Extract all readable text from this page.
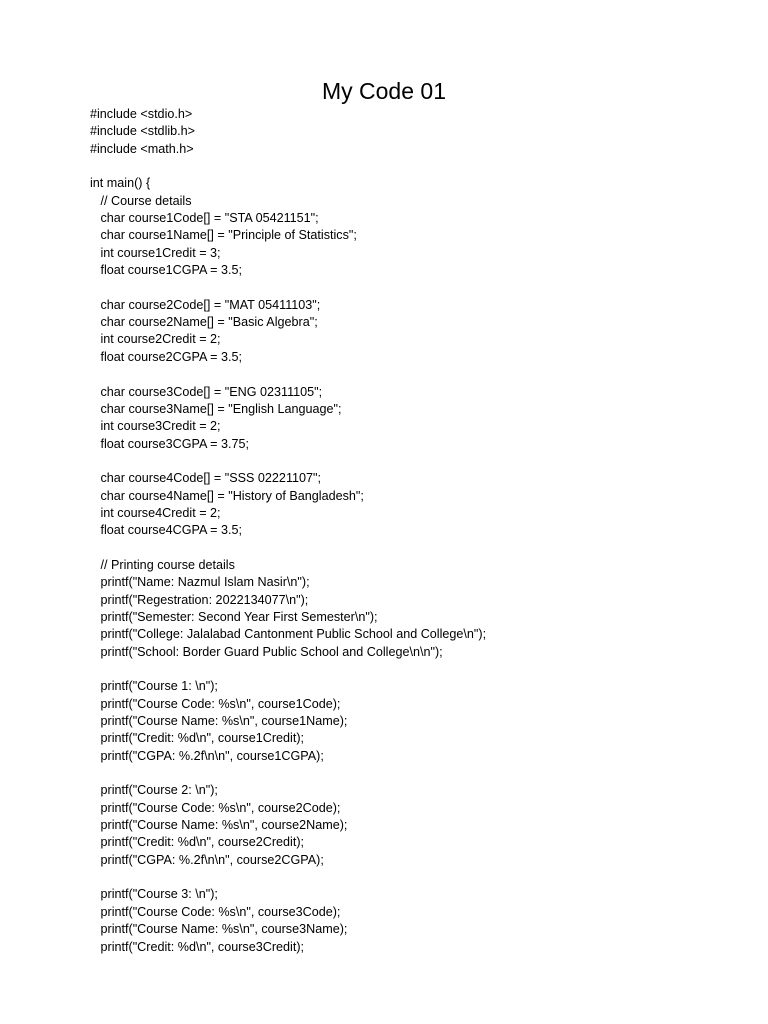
My Code 01
#include <stdio.h>
#include <stdlib.h>
#include <math.h>
int main() {
// Course details
char course1Code[] = "STA 05421151";
char course1Name[] = "Principle of Statistics";
int course1Credit = 3;
float course1CGPA = 3.5;
char course2Code[] = "MAT 05411103";
char course2Name[] = "Basic Algebra";
int course2Credit = 2;
float course2CGPA = 3.5;
char course3Code[] = "ENG 02311105";
char course3Name[] = "English Language";
int course3Credit = 2;
float course3CGPA = 3.75;
char course4Code[] = "SSS 02221107";
char course4Name[] = "History of Bangladesh";
int course4Credit = 2;
float course4CGPA = 3.5;
// Printing course details
printf("Name: Nazmul Islam Nasir\n");
printf("Regestration: 2022134077\n");
printf("Semester: Second Year First Semester\n");
printf("College: Jalalabad Cantonment Public School and College\n");
printf("School: Border Guard Public School and College\n\n");
printf("Course 1: \n");
printf("Course Code: %s\n", course1Code);
printf("Course Name: %s\n", course1Name);
printf("Credit: %d\n", course1Credit);
printf("CGPA: %.2f\n\n", course1CGPA);
printf("Course 2: \n");
printf("Course Code: %s\n", course2Code);
printf("Course Name: %s\n", course2Name);
printf("Credit: %d\n", course2Credit);
printf("CGPA: %.2f\n\n", course2CGPA);
printf("Course 3: \n");
printf("Course Code: %s\n", course3Code);
printf("Course Name: %s\n", course3Name);
printf("Credit: %d\n", course3Credit);
